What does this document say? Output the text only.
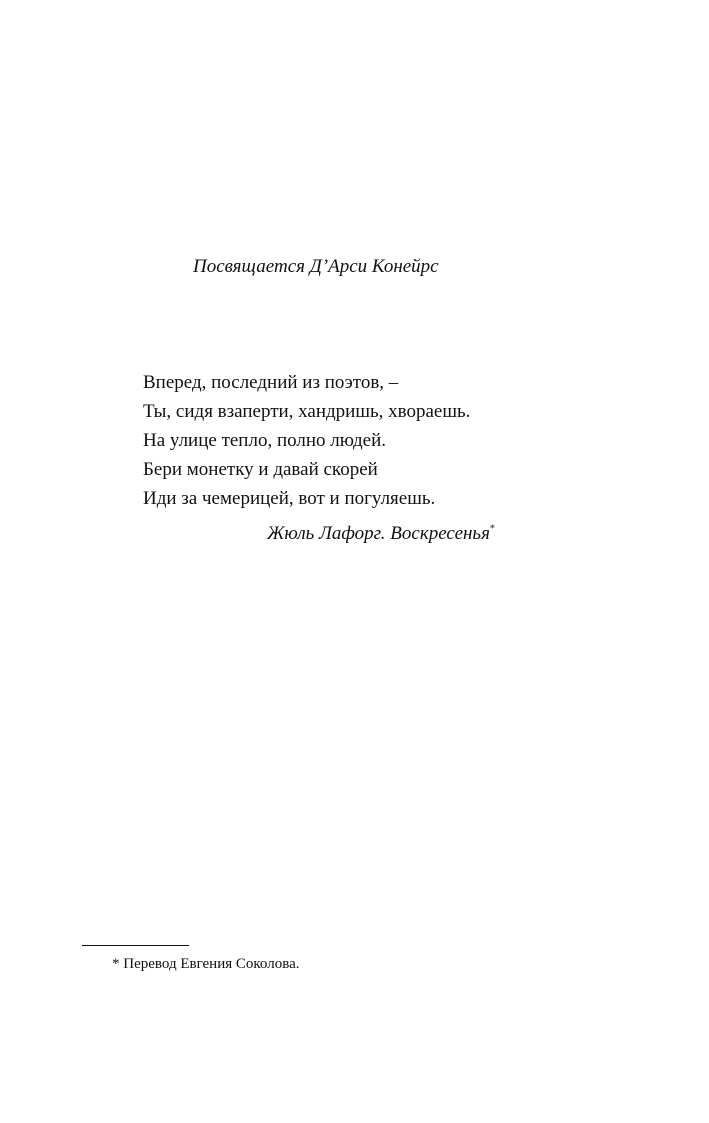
Посвящается Д’Арси Конейрс
Вперед, последний из поэтов, –
Ты, сидя взаперти, хандришь, хвораешь.
На улице тепло, полно людей.
Бери монетку и давай скорей
Иди за чемерицей, вот и погуляешь.
Жюль Лафорг. Воскресенья*
* Перевод Евгения Соколова.
